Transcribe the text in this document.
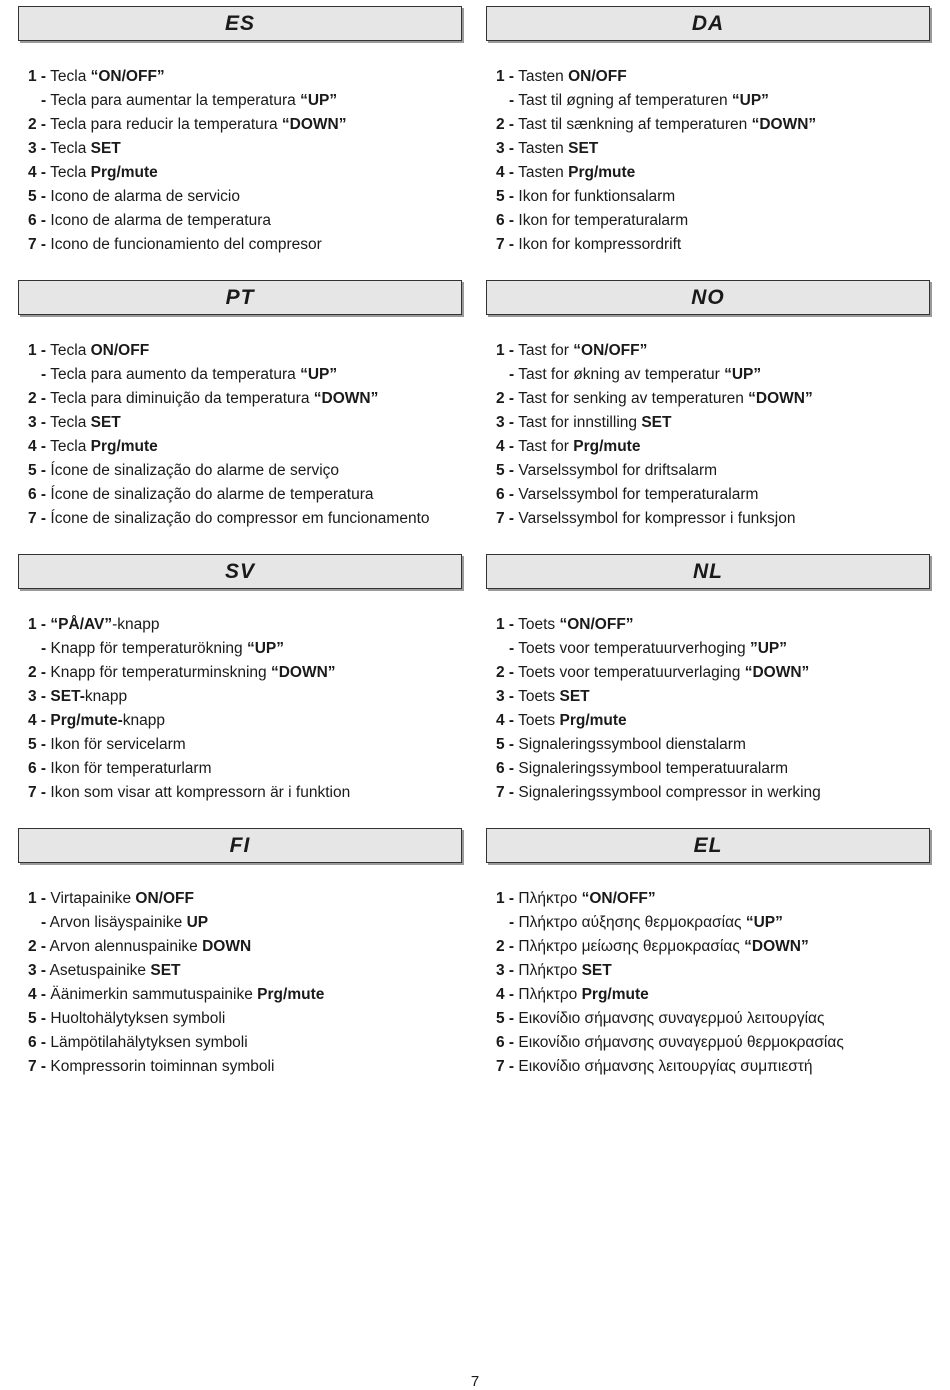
ES
1 - Tecla “ON/OFF”
- Tecla para aumentar la temperatura “UP”
2 - Tecla para reducir la temperatura “DOWN”
3 - Tecla SET
4 - Tecla Prg/mute
5 - Icono de alarma de servicio
6 - Icono de alarma de temperatura
7 - Icono de funcionamiento del compresor
DA
1 - Tasten ON/OFF
- Tast til øgning af temperaturen “UP”
2 - Tast til sænkning af temperaturen “DOWN”
3 - Tasten SET
4 - Tasten Prg/mute
5 - Ikon for funktionsalarm
6 - Ikon for temperaturalarm
7 - Ikon for kompressordrift
PT
1 - Tecla ON/OFF
- Tecla para aumento da temperatura “UP”
2 - Tecla para diminuição da temperatura “DOWN”
3 - Tecla SET
4 - Tecla Prg/mute
5 - Ícone de sinalização do alarme de serviço
6 - Ícone de sinalização do alarme de temperatura
7 - Ícone de sinalização do compressor em funcionamento
NO
1 - Tast for “ON/OFF”
- Tast for økning av temperatur “UP”
2 - Tast for senking av temperaturen “DOWN”
3 - Tast for innstilling SET
4 - Tast for Prg/mute
5 - Varselssymbol for driftsalarm
6 - Varselssymbol for temperaturalarm
7 - Varselssymbol for kompressor i funksjon
SV
1 - “PÅ/AV”-knapp
- Knapp för temperaturökning “UP”
2 - Knapp för temperaturminskning “DOWN”
3 - SET-knapp
4 - Prg/mute-knapp
5 - Ikon för servicelarm
6 - Ikon för temperaturlarm
7 - Ikon som visar att kompressorn är i funktion
NL
1 - Toets “ON/OFF”
- Toets voor temperatuurverhoging ”UP”
2 - Toets voor temperatuurverlaging “DOWN”
3 - Toets SET
4 - Toets Prg/mute
5 - Signaleringssymbool dienstalarm
6 - Signaleringssymbool temperatuuralarm
7 - Signaleringssymbool compressor in werking
FI
1 - Virtapainike ON/OFF
- Arvon lisäyspainike UP
2 - Arvon alennuspainike DOWN
3 - Asetuspainike SET
4 - Äänimerkin sammutuspainike Prg/mute
5 - Huoltohälytyksen symboli
6 - Lämpötilahälytyksen symboli
7 - Kompressorin toiminnan symboli
EL
1 - Πλήκτρο “ON/OFF”
- Πλήκτρο αύξησης θερμοκρασίας “UP”
2 - Πλήκτρο μείωσης θερμοκρασίας “DOWN”
3 - Πλήκτρο SET
4 - Πλήκτρο Prg/mute
5 - Εικονίδιο σήμανσης συναγερμού λειτουργίας
6 - Εικονίδιο σήμανσης συναγερμού θερμοκρασίας
7 - Εικονίδιο σήμανσης λειτουργίας συμπιεστή
7
